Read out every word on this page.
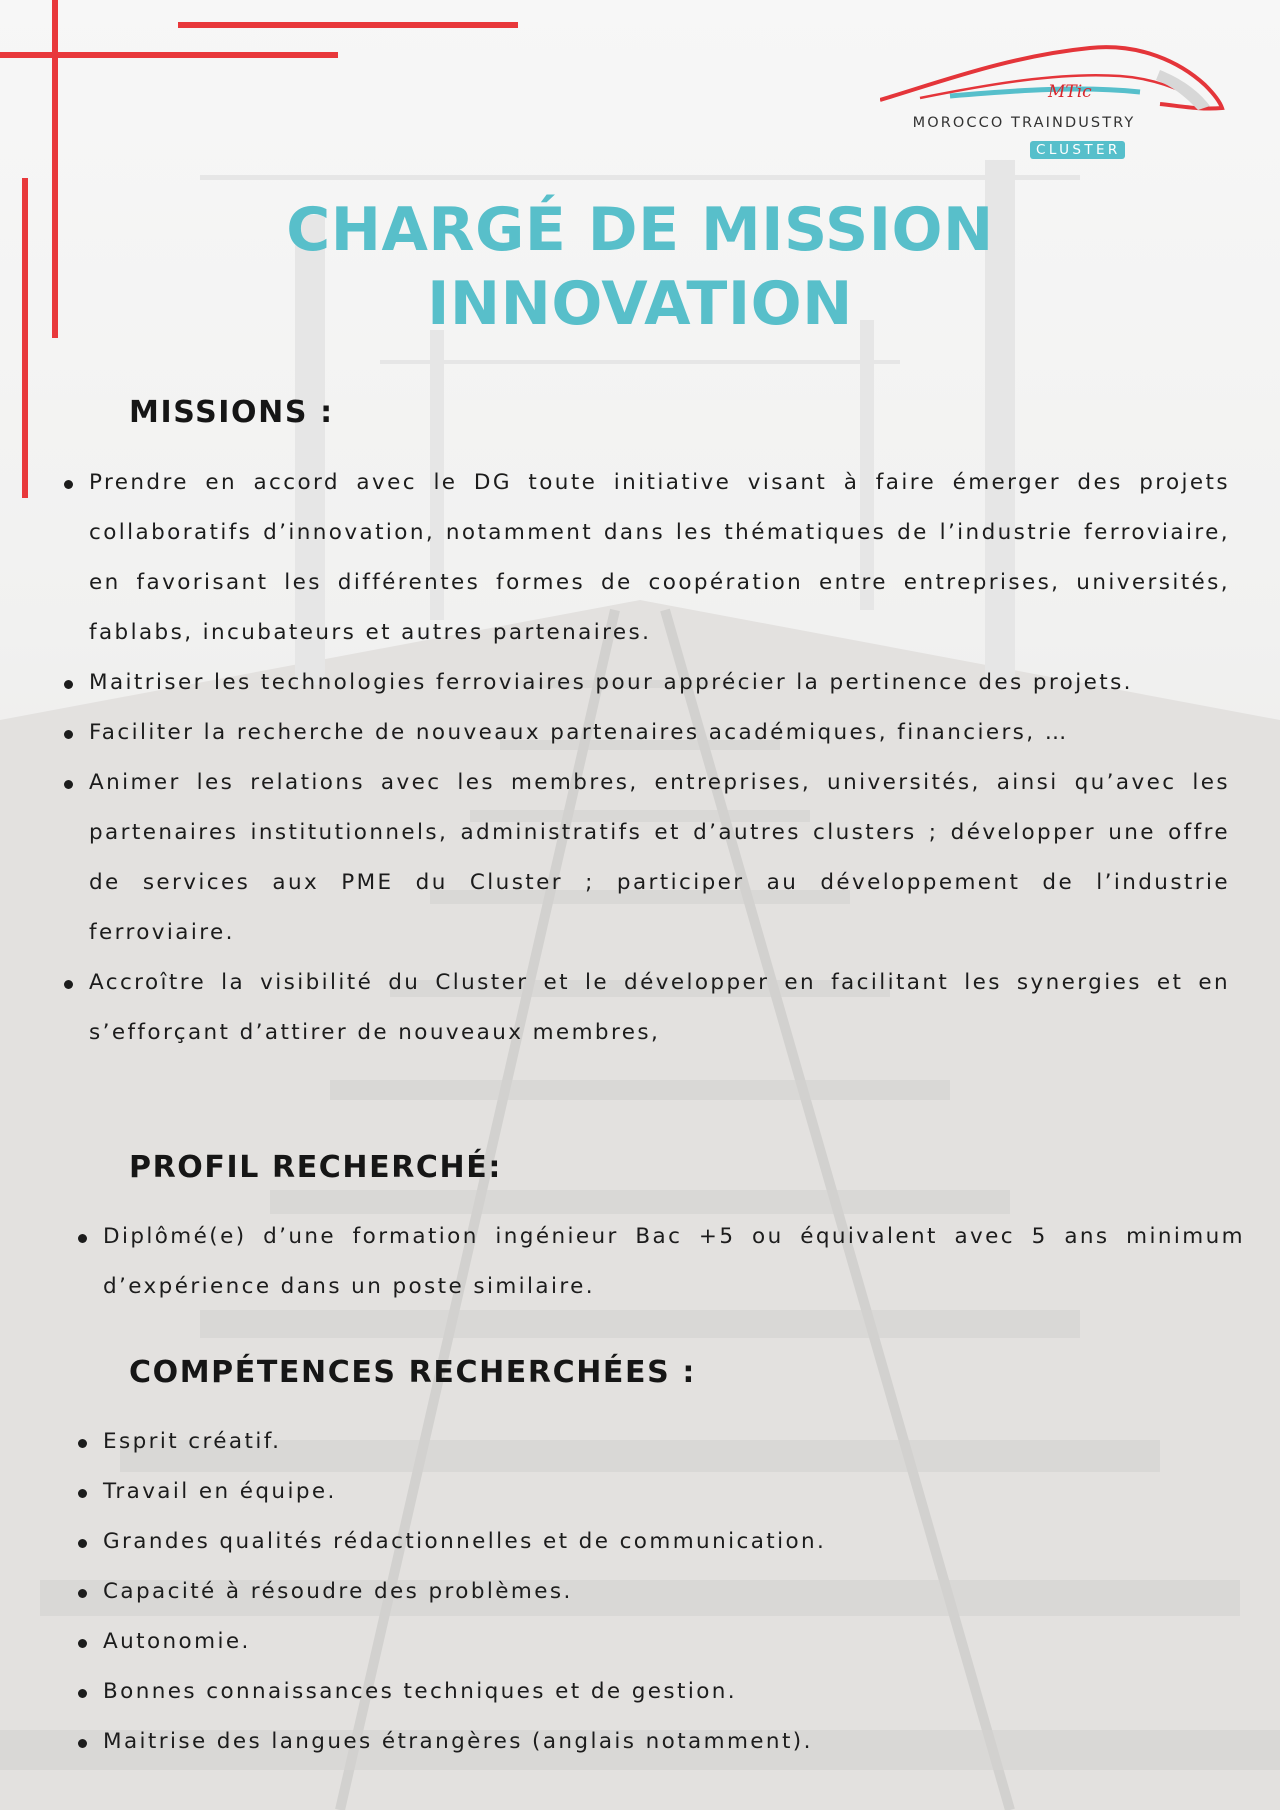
MTic
MOROCCO TRAINDUSTRY
CLUSTER
CHARGÉ DE MISSION
INNOVATION
MISSIONS :
Prendre en accord avec le DG toute initiative visant à faire émerger des projets collaboratifs d’innovation, notamment dans les thématiques de l’industrie ferroviaire, en favorisant les différentes formes de coopération entre entreprises, universités, fablabs, incubateurs et autres partenaires.
Maitriser les technologies ferroviaires pour apprécier la pertinence des projets.
Faciliter la recherche de nouveaux partenaires académiques, financiers, …
Animer les relations avec les membres, entreprises, universités, ainsi qu’avec les partenaires institutionnels, administratifs et d’autres clusters ; développer une offre de services aux PME du Cluster ; participer au développement de l’industrie ferroviaire.
Accroître la visibilité du Cluster et le développer en facilitant les synergies et en s’efforçant d’attirer de nouveaux membres,
PROFIL RECHERCHÉ:
Diplômé(e) d’une formation ingénieur Bac +5 ou équivalent avec 5 ans minimum d’expérience dans un poste similaire.
COMPÉTENCES RECHERCHÉES :
Esprit créatif.
Travail en équipe.
Grandes qualités rédactionnelles et de communication.
Capacité à résoudre des problèmes.
Autonomie.
Bonnes connaissances techniques et de gestion.
Maitrise des langues étrangères (anglais notamment).
